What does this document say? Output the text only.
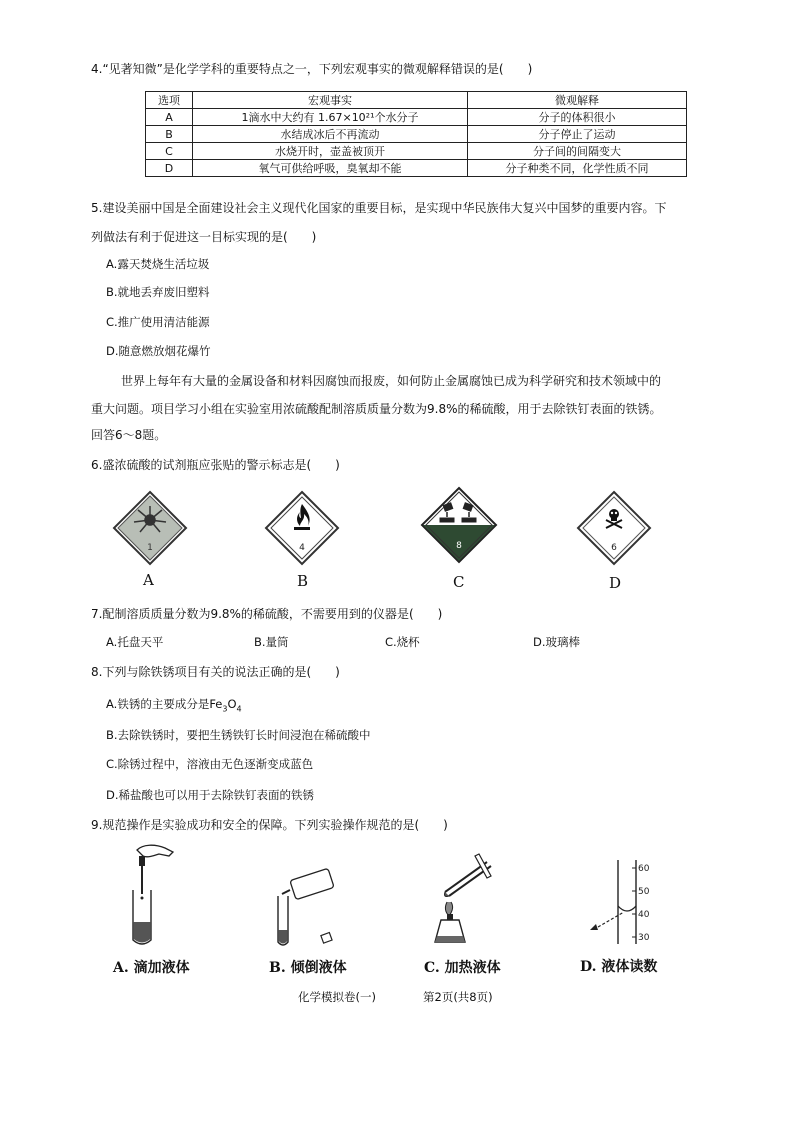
4.“见著知微”是化学学科的重要特点之一，下列宏观事实的微观解释错误的是(　　)
选项	宏观事实	微观解释
A	1滴水中大约有 1.67×10²¹个水分子	分子的体积很小
B	水结成冰后不再流动	分子停止了运动
C	水烧开时，壶盖被顶开	分子间的间隔变大
D	氧气可供给呼吸，臭氧却不能	分子种类不同，化学性质不同
5.建设美丽中国是全面建设社会主义现代化国家的重要目标，是实现中华民族伟大复兴中国梦的重要内容。下
列做法有利于促进这一目标实现的是(　　)
A.露天焚烧生活垃圾
B.就地丢弃废旧塑料
C.推广使用清洁能源
D.随意燃放烟花爆竹
世界上每年有大量的金属设备和材料因腐蚀而报废，如何防止金属腐蚀已成为科学研究和技术领域中的
重大问题。项目学习小组在实验室用浓硫酸配制溶质质量分数为9.8%的稀硫酸，用于去除铁钉表面的铁锈。
回答6～8题。
6.盛浓硫酸的试剂瓶应张贴的警示标志是(　　)
1	4	8	6
A	B	C	D
7.配制溶质质量分数为9.8%的稀硫酸，不需要用到的仪器是(　　)
A.托盘天平	B.量筒	C.烧杯	D.玻璃棒
8.下列与除铁锈项目有关的说法正确的是(　　)
A.铁锈的主要成分是$Fe_3O_4$
B.去除铁锈时，要把生锈铁钉长时间浸泡在稀硫酸中
C.除锈过程中，溶液由无色逐渐变成蓝色
D.稀盐酸也可以用于去除铁钉表面的铁锈
9.规范操作是实验成功和安全的保障。下列实验操作规范的是(　　)
60
50
40
30
A. 滴加液体	B. 倾倒液体	C. 加热液体	D. 液体读数
化学模拟卷(一)	第2页(共8页)
